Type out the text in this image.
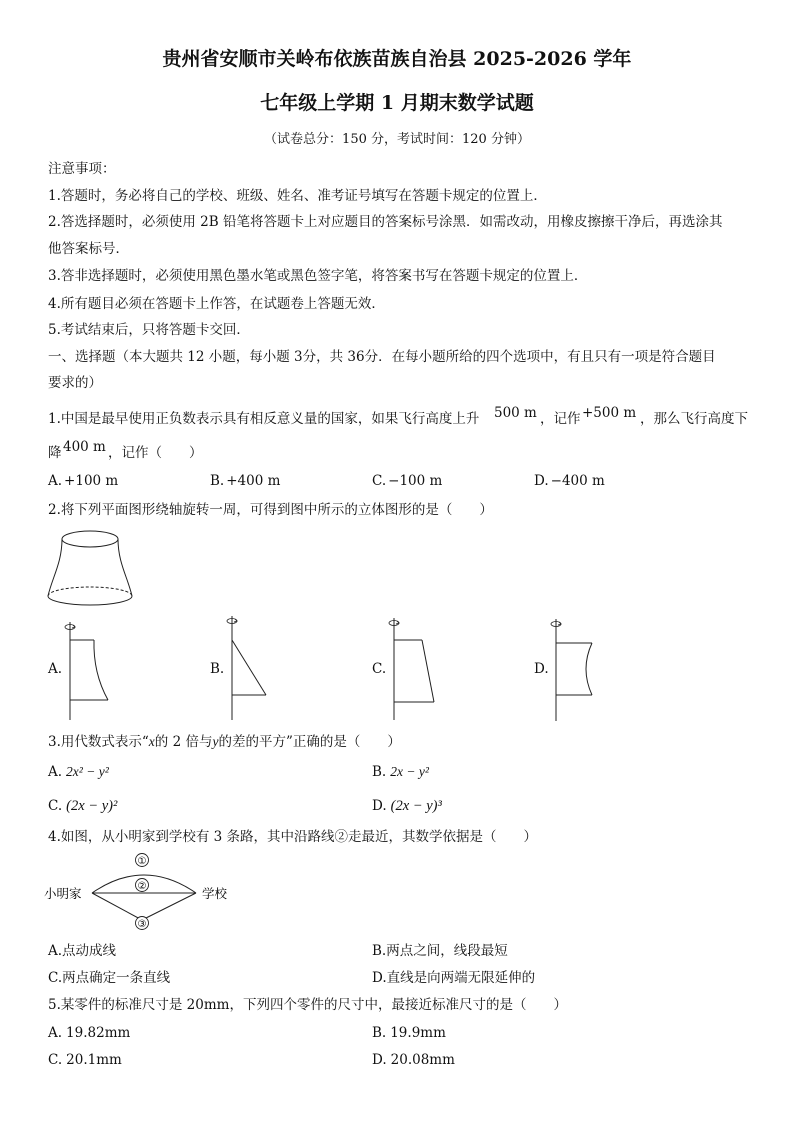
贵州省安顺市关岭布依族苗族自治县 2025-2026 学年
七年级上学期 1 月期末数学试题
（试卷总分：150 分，考试时间：120 分钟）
注意事项：
1.答题时，务必将自己的学校、班级、姓名、准考证号填写在答题卡规定的位置上．
2.答选择题时，必须使用 2B 铅笔将答题卡上对应题目的答案标号涂黑．如需改动，用橡皮擦擦干净后，再选涂其
他答案标号．
3.答非选择题时，必须使用黑色墨水笔或黑色签字笔，将答案书写在答题卡规定的位置上．
4.所有题目必须在答题卡上作答，在试题卷上答题无效．
5.考试结束后，只将答题卡交回．
一、选择题（本大题共 12 小题，每小题 3分，共 36分．在每小题所给的四个选项中，有且只有一项是符合题目
要求的）
1.中国是最早使用正负数表示具有相反意义量的国家，如果飞行高度上升 500 m ，记作 +500 m ，那么飞行高度下
降 400 m ，记作（　　）
A. +100 m	B. +400 m	C. −100 m	D. −400 m
2.将下列平面图形绕轴旋转一周，可得到图中所示的立体图形的是（　　）
A.	B.	C.	D.
3.用代数式表示“x的 2 倍与y的差的平方”正确的是（　　）
A. 2x² − y²	B. 2x − y²
C. (2x − y)²	D. (2x − y)³
4.如图，从小明家到学校有 3 条路，其中沿路线②走最近，其数学依据是（　　）
小明家	学校
①
②
③
A.点动成线	B.两点之间，线段最短
C.两点确定一条直线	D.直线是向两端无限延伸的
5.某零件的标准尺寸是 20mm，下列四个零件的尺寸中，最接近标准尺寸的是（　　）
A. 19.82mm	B. 19.9mm
C. 20.1mm	D. 20.08mm
